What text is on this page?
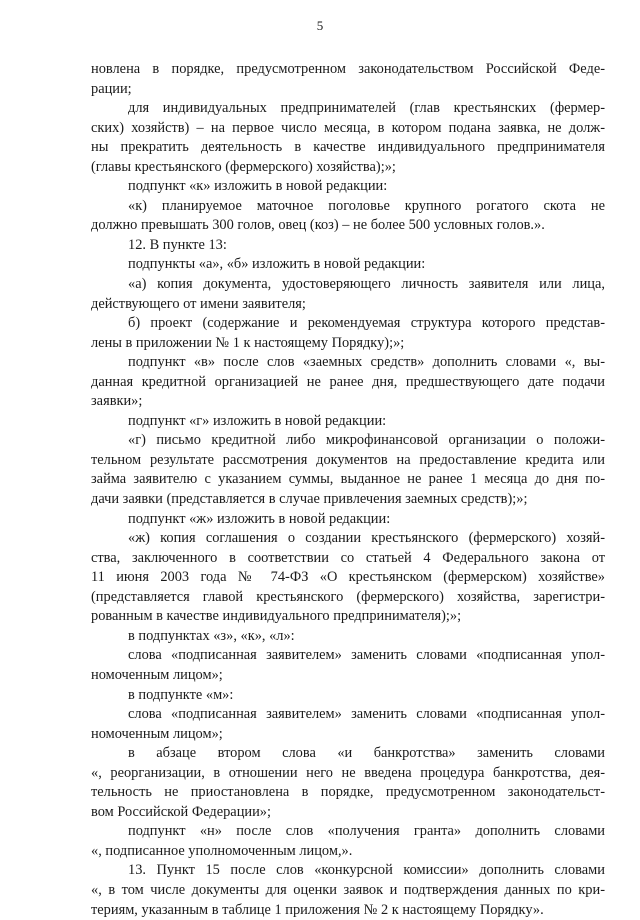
5
новлена в порядке, предусмотренном законодательством Российской Феде-
рации;
для индивидуальных предпринимателей (глав крестьянских (фермер-
ских) хозяйств) – на первое число месяца, в котором подана заявка, не долж-
ны прекратить деятельность в качестве индивидуального предпринимателя
(главы крестьянского (фермерского) хозяйства);»;
подпункт «к» изложить в новой редакции:
«к) планируемое маточное поголовье крупного рогатого скота не
должно превышать 300 голов, овец (коз) – не более 500 условных голов.».
12. В пункте 13:
подпункты «а», «б» изложить в новой редакции:
«а) копия документа, удостоверяющего личность заявителя или лица,
действующего от имени заявителя;
б) проект (содержание и рекомендуемая структура которого представ-
лены в приложении № 1 к настоящему Порядку);»;
подпункт «в» после слов «заемных средств» дополнить словами «, вы-
данная кредитной организацией не ранее дня, предшествующего дате подачи
заявки»;
подпункт «г» изложить в новой редакции:
«г) письмо кредитной либо микрофинансовой организации о положи-
тельном результате рассмотрения документов на предоставление кредита или
займа заявителю с указанием суммы, выданное не ранее 1 месяца до дня по-
дачи заявки (представляется в случае привлечения заемных средств);»;
подпункт «ж» изложить в новой редакции:
«ж) копия соглашения о создании крестьянского (фермерского) хозяй-
ства, заключенного в соответствии со статьей 4 Федерального закона от
11 июня 2003 года № 74-ФЗ «О крестьянском (фермерском) хозяйстве»
(представляется главой крестьянского (фермерского) хозяйства, зарегистри-
рованным в качестве индивидуального предпринимателя);»;
в подпунктах «з», «к», «л»:
слова «подписанная заявителем» заменить словами «подписанная упол-
номоченным лицом»;
в подпункте «м»:
слова «подписанная заявителем» заменить словами «подписанная упол-
номоченным лицом»;
в абзаце втором слова «и банкротства» заменить словами
«, реорганизации, в отношении него не введена процедура банкротства, дея-
тельность не приостановлена в порядке, предусмотренном законодательст-
вом Российской Федерации»;
подпункт «н» после слов «получения гранта» дополнить словами
«, подписанное уполномоченным лицом,».
13. Пункт 15 после слов «конкурсной комиссии» дополнить словами
«, в том числе документы для оценки заявок и подтверждения данных по кри-
териям, указанным в таблице 1 приложения № 2 к настоящему Порядку».
